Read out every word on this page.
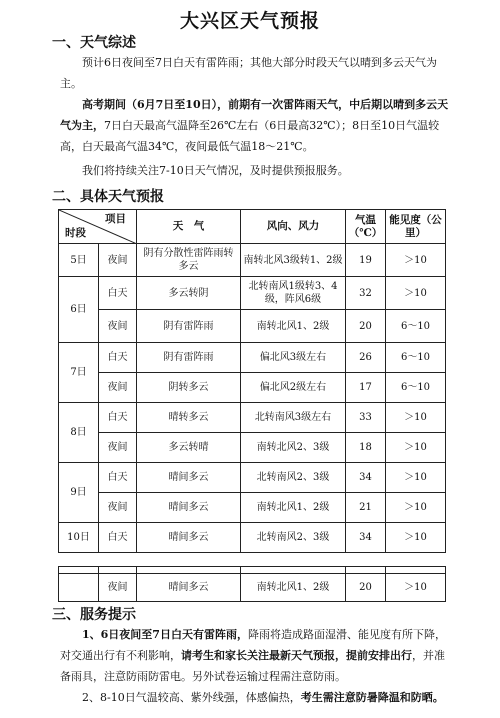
大兴区天气预报
一、天气综述

预计6日夜间至7日白天有雷阵雨；其他大部分时段天气以晴到多云天气为主。

高考期间（6月7日至10日），前期有一次雷阵雨天气，中后期以晴到多云天气为主，7日白天最高气温降至26℃左右（6日最高32℃）；8日至10日气温较高，白天最高气温34℃，夜间最低气温18～21℃。

我们将持续关注7-10日天气情况，及时提供预报服务。

二、具体天气预报
项目
时段		天　气	风向、风力	气温（℃）	能见度（公里）
5日	夜间	阴有分散性雷阵雨转多云	南转北风3级转1、2级	19	＞10
6日	白天	多云转阴	北转南风1级转3、4级，阵风6级	32	＞10
	夜间	阴有雷阵雨	南转北风1、2级	20	6～10
7日	白天	阴有雷阵雨	偏北风3级左右	26	6～10
	夜间	阴转多云	偏北风2级左右	17	6～10
8日	白天	晴转多云	北转南风3级左右	33	＞10
	夜间	多云转晴	南转北风2、3级	18	＞10
9日	白天	晴间多云	北转南风2、3级	34	＞10
	夜间	晴间多云	南转北风1、2级	21	＞10
10日	白天	晴间多云	北转南风2、3级	34	＞10

	夜间	晴间多云	南转北风1、2级	20	＞10
三、服务提示

1、6日夜间至7日白天有雷阵雨，降雨将造成路面湿滑、能见度有所下降，对交通出行有不利影响，请考生和家长关注最新天气预报，提前安排出行，并准备雨具，注意防雨防雷电。另外试卷运输过程需注意防雨。

2、8-10日气温较高、紫外线强，体感偏热，考生需注意防暑降温和防晒。
